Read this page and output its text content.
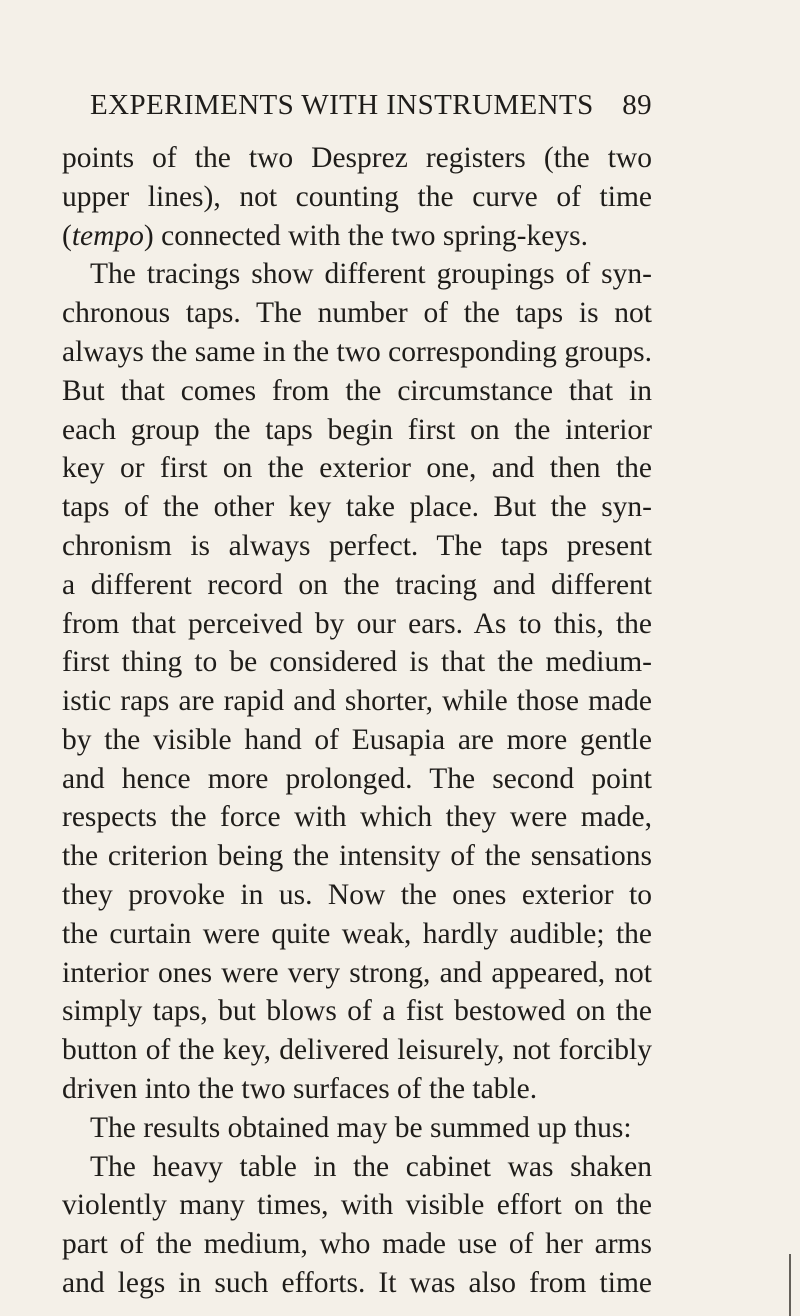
EXPERIMENTS WITH INSTRUMENTS 89
points of the two Desprez registers (the two
upper lines), not counting the curve of time
(tempo) connected with the two spring-keys.
The tracings show different groupings of syn-
chronous taps. The number of the taps is not
always the same in the two corresponding groups.
But that comes from the circumstance that in
each group the taps begin first on the interior
key or first on the exterior one, and then the
taps of the other key take place. But the syn-
chronism is always perfect. The taps present
a different record on the tracing and different
from that perceived by our ears. As to this, the
first thing to be considered is that the medium-
istic raps are rapid and shorter, while those made
by the visible hand of Eusapia are more gentle
and hence more prolonged. The second point
respects the force with which they were made,
the criterion being the intensity of the sensations
they provoke in us. Now the ones exterior to
the curtain were quite weak, hardly audible; the
interior ones were very strong, and appeared, not
simply taps, but blows of a fist bestowed on the
button of the key, delivered leisurely, not forcibly
driven into the two surfaces of the table.
The results obtained may be summed up thus:
The heavy table in the cabinet was shaken
violently many times, with visible effort on the
part of the medium, who made use of her arms
and legs in such efforts. It was also from time
